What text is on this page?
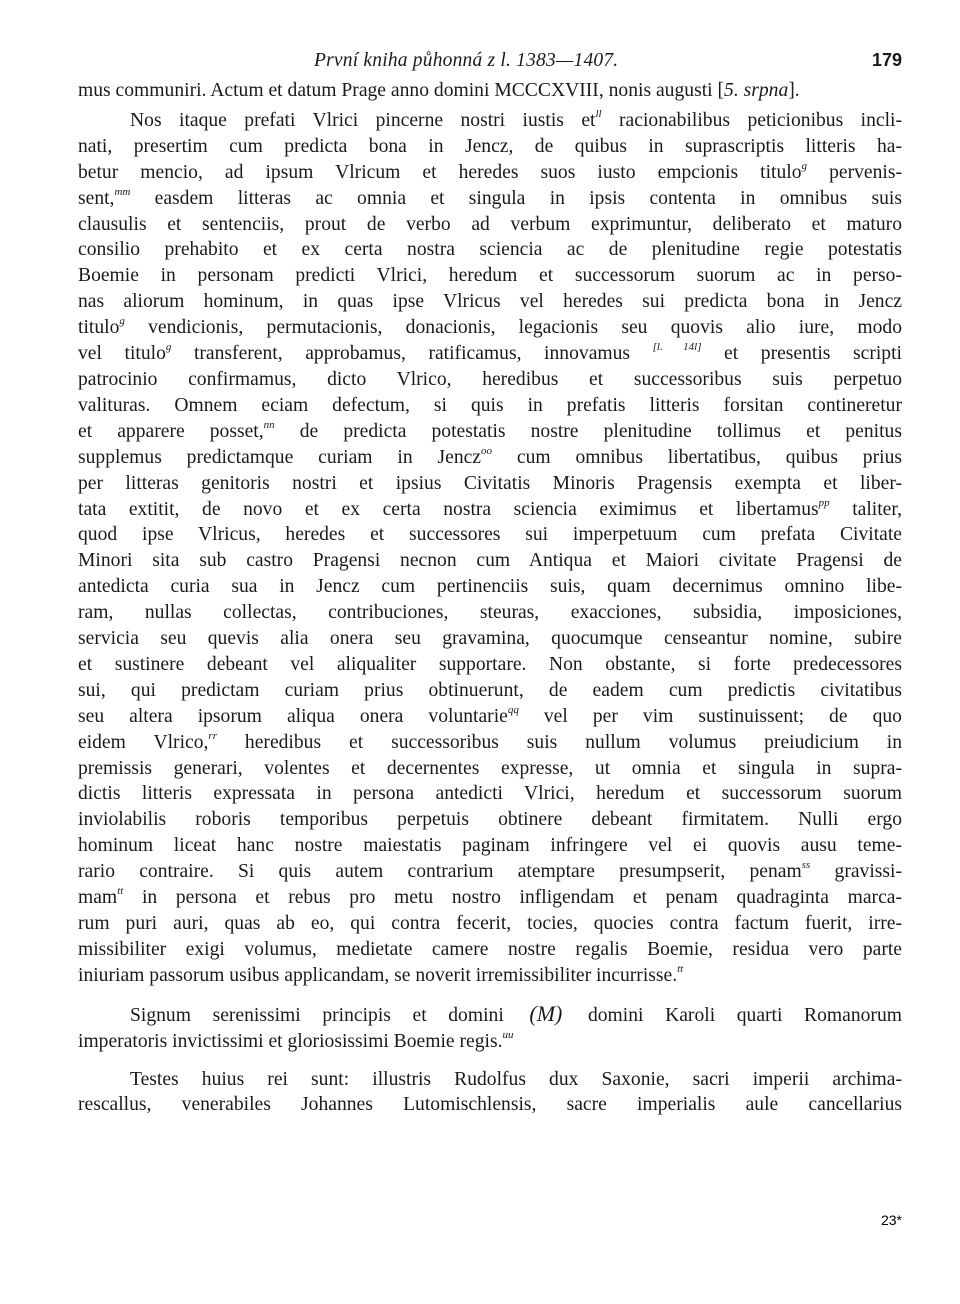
První kniha půhonná z l. 1383—1407.	179

mus communiri. Actum et datum Prage anno domini MCCCXVIII, nonis augusti [5. srpna].

Nos itaque prefati Vlrici pincerne nostri iustis et$^{ll}$ racionabilibus peticionibus incli-
nati, presertim cum predicta bona in Jencz, de quibus in suprascriptis litteris ha-
betur mencio, ad ipsum Vlricum et heredes suos iusto empcionis titulo$^g$ pervenis-
sent,$^{mm}$ easdem litteras ac omnia et singula in ipsis contenta in omnibus suis
clausulis et sentenciis, prout de verbo ad verbum exprimuntur, deliberato et maturo
consilio prehabito et ex certa nostra sciencia ac de plenitudine regie potestatis
Boemie in personam predicti Vlrici, heredum et successorum suorum ac in perso-
nas aliorum hominum, in quas ipse Vlricus vel heredes sui predicta bona in Jencz
titulo$^g$ vendicionis, permutacionis, donacionis, legacionis seu quovis alio iure, modo
vel titulo$^g$ transferent, approbamus, ratificamus, innovamus [l. 14l] et presentis scripti
patrocinio confirmamus, dicto Vlrico, heredibus et successoribus suis perpetuo
valituras. Omnem eciam defectum, si quis in prefatis litteris forsitan contineretur
et apparere posset,$^{nn}$ de predicta potestatis nostre plenitudine tollimus et penitus
supplemus predictamque curiam in Jencz$^{oo}$ cum omnibus libertatibus, quibus prius
per litteras genitoris nostri et ipsius Civitatis Minoris Pragensis exempta et liber-
tata extitit, de novo et ex certa nostra sciencia eximimus et libertamus$^{pp}$ taliter,
quod ipse Vlricus, heredes et successores sui imperpetuum cum prefata Civitate
Minori sita sub castro Pragensi necnon cum Antiqua et Maiori civitate Pragensi de
antedicta curia sua in Jencz cum pertinenciis suis, quam decernimus omnino libe-
ram, nullas collectas, contribuciones, steuras, exacciones, subsidia, imposiciones,
servicia seu quevis alia onera seu gravamina, quocumque censeantur nomine, subire
et sustinere debeant vel aliqualiter supportare. Non obstante, si forte predecessores
sui, qui predictam curiam prius obtinuerunt, de eadem cum predictis civitatibus
seu altera ipsorum aliqua onera voluntarie$^{qq}$ vel per vim sustinuissent; de quo
eidem Vlrico,$^{rr}$ heredibus et successoribus suis nullum volumus preiudicium in
premissis generari, volentes et decernentes expresse, ut omnia et singula in supra-
dictis litteris expressata in persona antedicti Vlrici, heredum et successorum suorum
inviolabilis roboris temporibus perpetuis obtinere debeant firmitatem. Nulli ergo
hominum liceat hanc nostre maiestatis paginam infringere vel ei quovis ausu teme-
rario contraire. Si quis autem contrarium atemptare presumpserit, penam$^{ss}$ gravissi-
mam$^{tt}$ in persona et rebus pro metu nostro infligendam et penam quadraginta marca-
rum puri auri, quas ab eo, qui contra fecerit, tocies, quocies contra factum fuerit, irre-
missibiliter exigi volumus, medietate camere nostre regalis Boemie, residua vero parte
iniuriam passorum usibus applicandam, se noverit irremissibiliter incurrisse.$^{tt}$
Signum serenissimi principis et domini (M) domini Karoli quarti Romanorum
imperatoris invictissimi et gloriosissimi Boemie regis.$^{uu}$
Testes huius rei sunt: illustris Rudolfus dux Saxonie, sacri imperii archima-
rescallus, venerabiles Johannes Lutomischlensis, sacre imperialis aule cancellarius
23*
